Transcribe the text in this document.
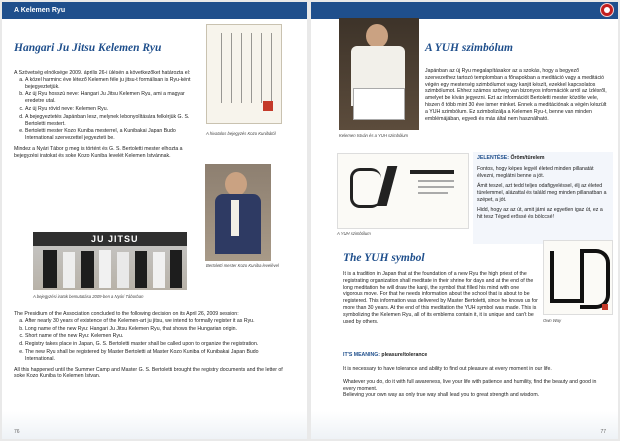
A Kelemen Ryu
Hangari Ju Jitsu Kelemen Ryu
A Szövetség elnöksége 2009. április 26-i ülésén a következőket határozta el:
a. A közel harminc éve létező Kelemen féle ju jitsu-t formálisan is Ryu-ként bejegyeztetjük.
b. Az új Ryu hosszú neve: Hangari Ju Jitsu Kelemen Ryu, ami a magyar eredetre utal.
c. Az új Ryu rövid neve: Kelemen Ryu.
d. A bejegyeztetés Japánban lesz, melynek lebonyolítására felkérjük G. S. Bertoletti mestert.
e. Bertoletti mester Kozo Kuniba mesterrel, a Kunibakai Japan Budo International szervezettel jegyezteti be.
Mindez a Nyári Tábor g meg is történt és G. S. Bertoletti mester elhozta a bejegyzési iratokat és soke Kozo Kuniba levelét Kelemen Istvánnak.
A hivatalos bejegyzés Kozo Kunibától
Bertoletti mester Kozo Kuniba levelével
JU JITSU
A bejegyzési iratok bemutatása 2009-ben a Nyári Táborban
The Presidium of the Association concluded to the following decision on its April 26, 2009 session:
a. After nearly 30 years of existence of the Kelemen-art ju jitsu, we intend to formally register it as Ryu.
b. Long name of the new Ryu: Hangari Ju Jitsu Kelemen Ryu, that shows the Hungarian origin.
c. Short name of the new Ryu: Kelemen Ryu.
d. Registry takes place in Japan, G. S. Bertoletti master shall be called upon to organize the registration.
e. The new Ryu shall be registered by Master Bertoletti at Master Kozo Kuniba of Kunibakai Japan Budo International.
All this happened until the Summer Camp and Master G. S. Bertoletti brought the registry documents and the letter of soke Kozo Kuniba to Kelemen Istvan.
76
Kelemen István és a YUH szimbólum
A YUH szimbólum
Japánban az új Ryu megalapításakor az a szokás, hogy a begyező szervezethez tartozó templomban a főnapokban a meditáció vagy a meditáció végén egy mesterség szimbólumot vagy kanjit készít, ezekkel kapcsolatos szimbólumot. Ehhez számos szöveg van bizonyos információk arról az ízlésről, amelyet be kíván jegyezni. Ezt az információt Bertoletti mester közölte vele, hiszen ő több mint 30 éve ismer minket. Ennek a meditációnak a végén készült a YUH szimbólum. Ez szimbolizálja a Kelemen Ryu-t, benne van minden emblémájában, egyedi és más által nem használható.
A YUH szimbólum
JELENTÉSE: Őröm/türelem
Fontos, hogy képes legyél életed minden pillanatát élvezni, meglátni benne a jót.
Ámit teszel, azt tedd teljes odafigyeléssel, élj az életed türelemmel, alázattal és találd meg minden pillanatban a szépet, a jót.
Hidd, hogy az az út, amit járni az egyetlen igaz út, ez a hit tesz Téged erőssé és bölccsé!
The YUH symbol
It is a tradition in Japan that at the foundation of a new Ryu the high priest of the registrating organization shall meditate in their shrine for days and at the end of the long meditation he will draw the kanji, the symbol that filled his mind with one vigorous move. For that he needs information about the school that is about to be registered. This information was delivered by Master Bertoletti, since he knows us for more than 30 years. At the end of this meditation the YUH symbol was made. This is symbolizing the Kelemen Ryu, all of its emblems contain it, it is unique and can't be used by others.	Own Way
IT'S MEANING: pleasure/tolerance
It is necessary to have tolerance and ability to find out pleasure at every moment in our life.
Whatever you do, do it with full awareness, live your life with patience and humility, find the beauty and good in every moment.
Believing your own way as only true way shall lead you to great strength and wisdom.
77
